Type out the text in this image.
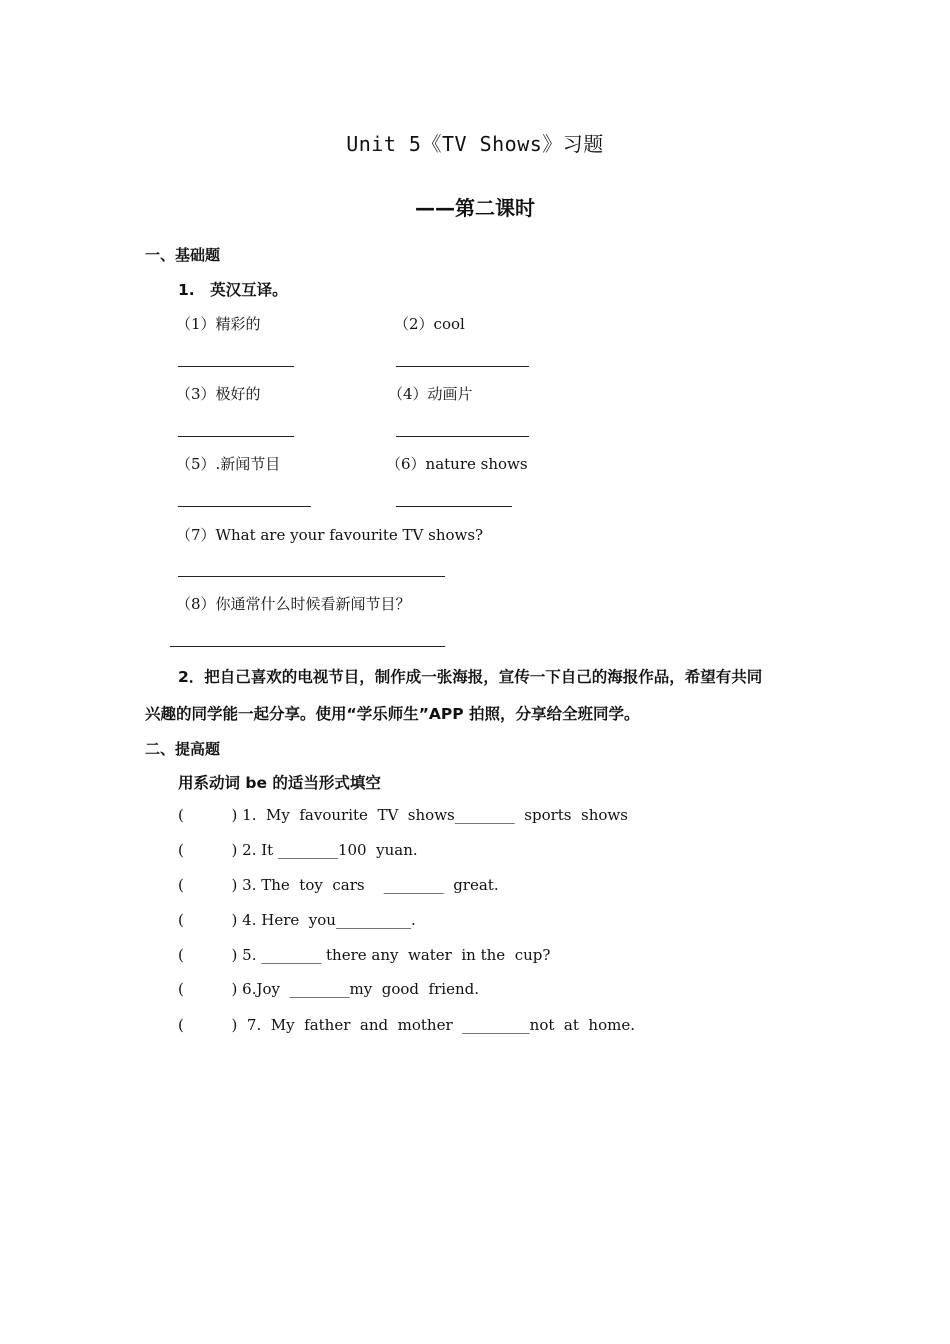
Unit 5《TV Shows》习题
——第二课时
一、基础题
1.　英汉互译。
（1）精彩的	（2）cool
（3）极好的	（4）动画片
（5）.新闻节目	（6）nature shows
（7）What are your favourite TV shows?
（8）你通常什么时候看新闻节目？
2．把自己喜欢的电视节目，制作成一张海报，宣传一下自己的海报作品，希望有共同
兴趣的同学能一起分享。使用“学乐师生”APP 拍照，分享给全班同学。
二、提高题
用系动词 be 的适当形式填空
(          ) 1.  My  favourite  TV  shows________  sports  shows
(          ) 2. It ________100  yuan.
(          ) 3. The  toy  cars    ________  great.
(          ) 4. Here  you__________.
(          ) 5. ________ there any  water  in the  cup?
(          ) 6.Joy  ________my  good  friend.
(          )  7.  My  father  and  mother  _________not  at  home.
